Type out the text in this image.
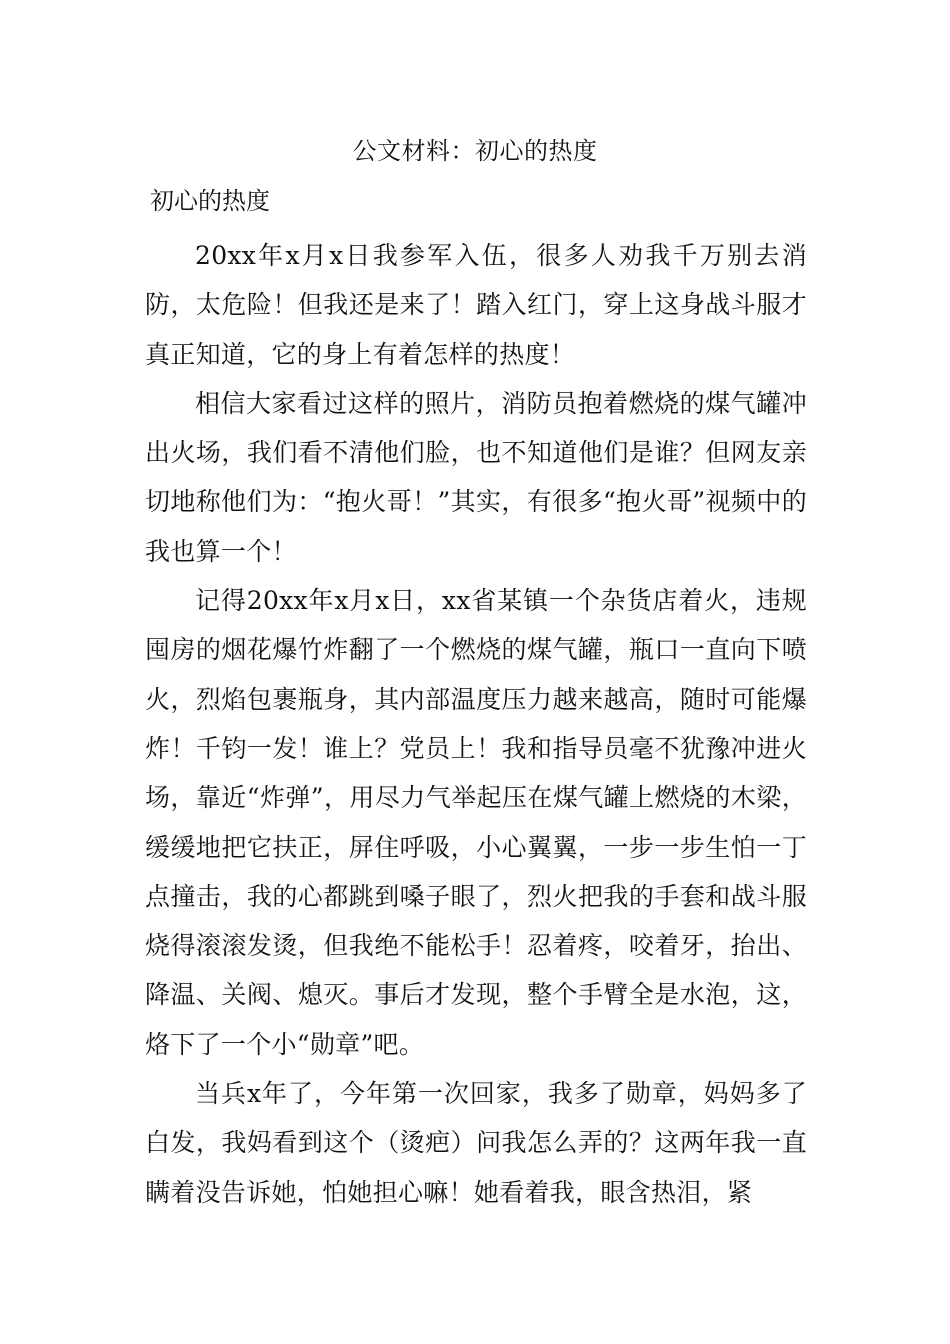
公文材料：初心的热度
初心的热度

20xx年x月x日我参军入伍，很多人劝我千万别去消防，太危险！但我还是来了！踏入红门，穿上这身战斗服才真正知道，它的身上有着怎样的热度！

相信大家看过这样的照片，消防员抱着燃烧的煤气罐冲出火场，我们看不清他们脸，也不知道他们是谁？但网友亲切地称他们为：“抱火哥！”其实，有很多“抱火哥”视频中的我也算一个！

记得20xx年x月x日，xx省某镇一个杂货店着火，违规囤房的烟花爆竹炸翻了一个燃烧的煤气罐，瓶口一直向下喷火，烈焰包裹瓶身，其内部温度压力越来越高，随时可能爆炸！千钧一发！谁上？党员上！我和指导员毫不犹豫冲进火场，靠近“炸弹”，用尽力气举起压在煤气罐上燃烧的木梁，缓缓地把它扶正，屏住呼吸，小心翼翼，一步一步生怕一丁点撞击，我的心都跳到嗓子眼了，烈火把我的手套和战斗服烧得滚滚发烫，但我绝不能松手！忍着疼，咬着牙，抬出、降温、关阀、熄灭。事后才发现，整个手臂全是水泡，这，烙下了一个小“勋章”吧。

当兵x年了，今年第一次回家，我多了勋章，妈妈多了白发，我妈看到这个（烫疤）问我怎么弄的？这两年我一直瞒着没告诉她，怕她担心嘛！她看着我，眼含热泪，紧
